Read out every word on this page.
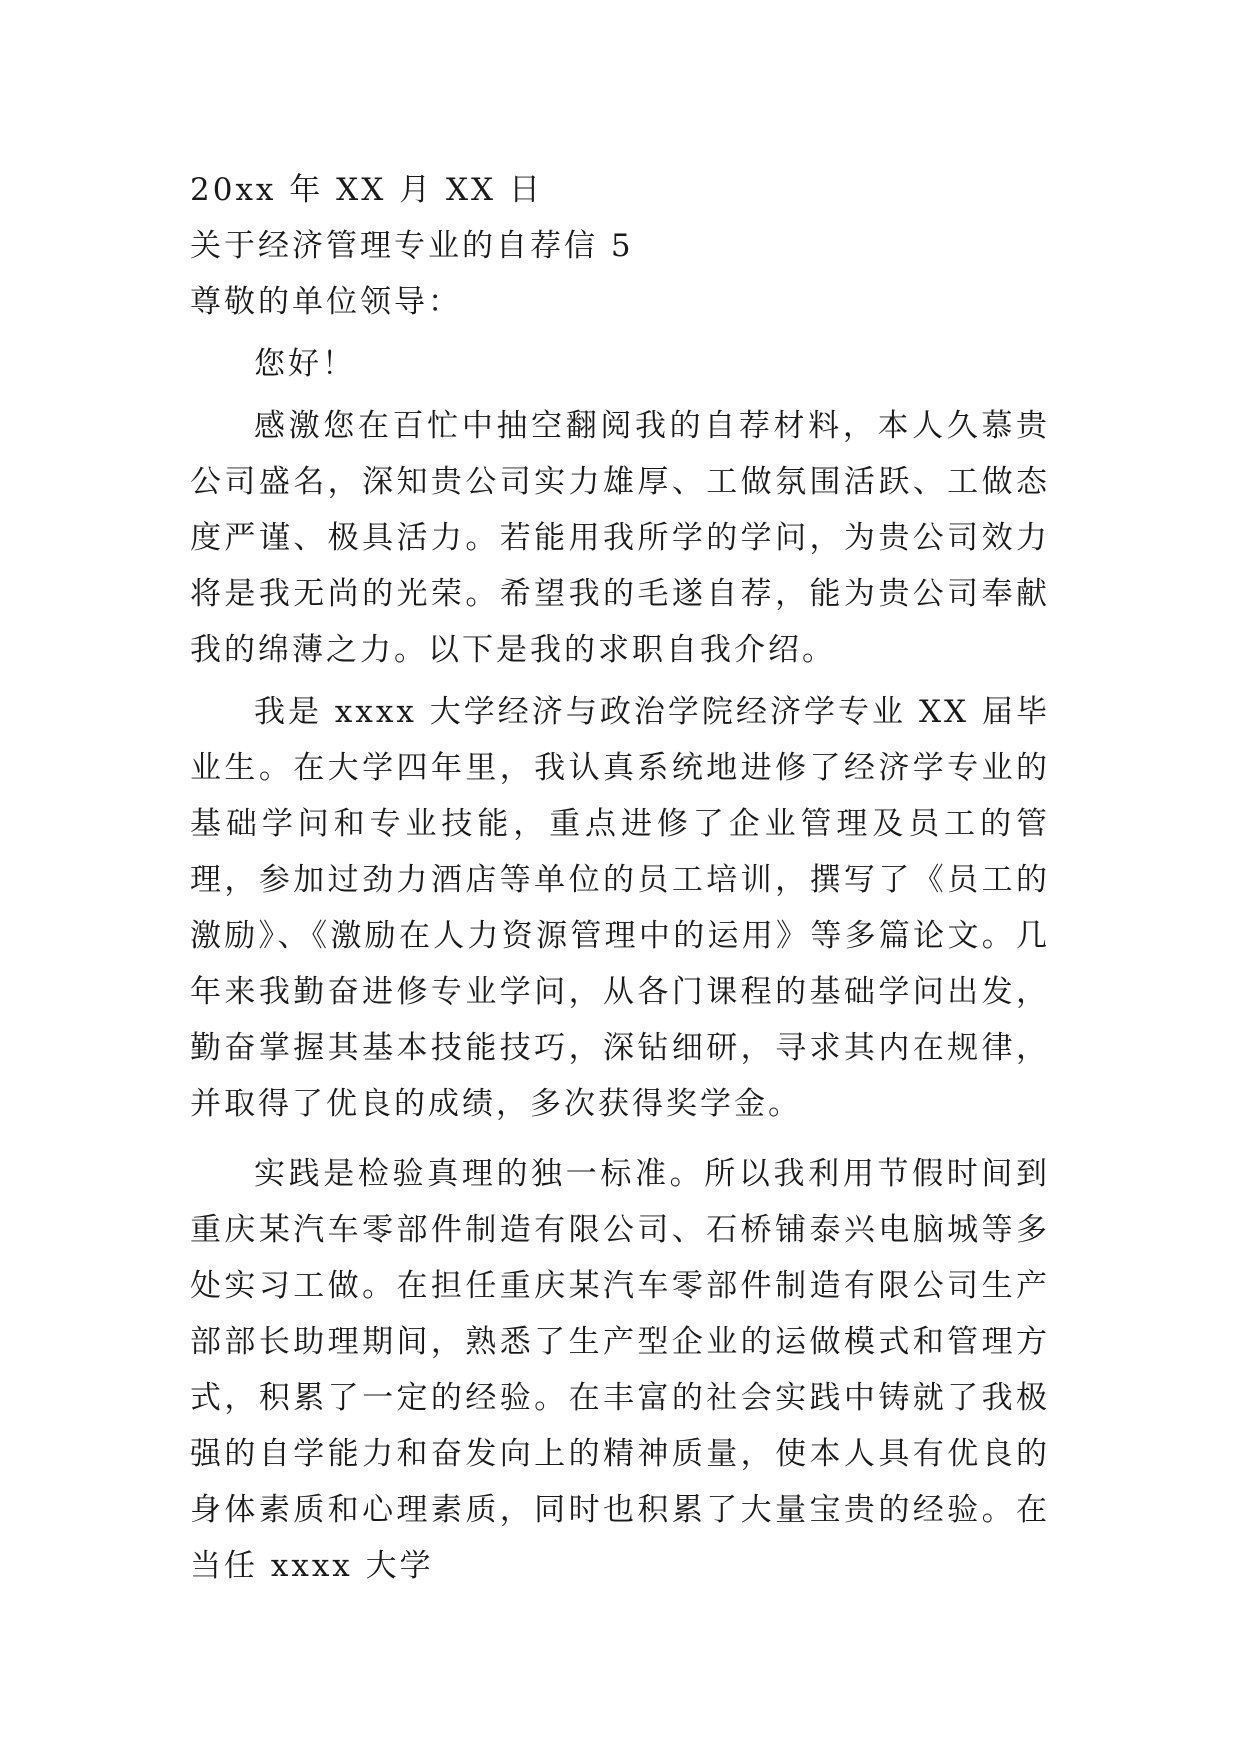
20xx 年 XX 月 XX 日

关于经济管理专业的自荐信 5

尊敬的单位领导：

您好！

感激您在百忙中抽空翻阅我的自荐材料，本人久慕贵公司盛名，深知贵公司实力雄厚、工做氛围活跃、工做态度严谨、极具活力。若能用我所学的学问，为贵公司效力将是我无尚的光荣。希望我的毛遂自荐，能为贵公司奉献我的绵薄之力。以下是我的求职自我介绍。

我是 xxxx 大学经济与政治学院经济学专业 XX 届毕业生。在大学四年里，我认真系统地进修了经济学专业的基础学问和专业技能，重点进修了企业管理及员工的管理，参加过劲力酒店等单位的员工培训，撰写了《员工的激励》、《激励在人力资源管理中的运用》等多篇论文。几年来我勤奋进修专业学问，从各门课程的基础学问出发，勤奋掌握其基本技能技巧，深钻细研，寻求其内在规律，并取得了优良的成绩，多次获得奖学金。

实践是检验真理的独一标准。所以我利用节假时间到重庆某汽车零部件制造有限公司、石桥铺泰兴电脑城等多处实习工做。在担任重庆某汽车零部件制造有限公司生产部部长助理期间，熟悉了生产型企业的运做模式和管理方式，积累了一定的经验。在丰富的社会实践中铸就了我极强的自学能力和奋发向上的精神质量，使本人具有优良的身体素质和心理素质，同时也积累了大量宝贵的经验。在当任 xxxx 大学
